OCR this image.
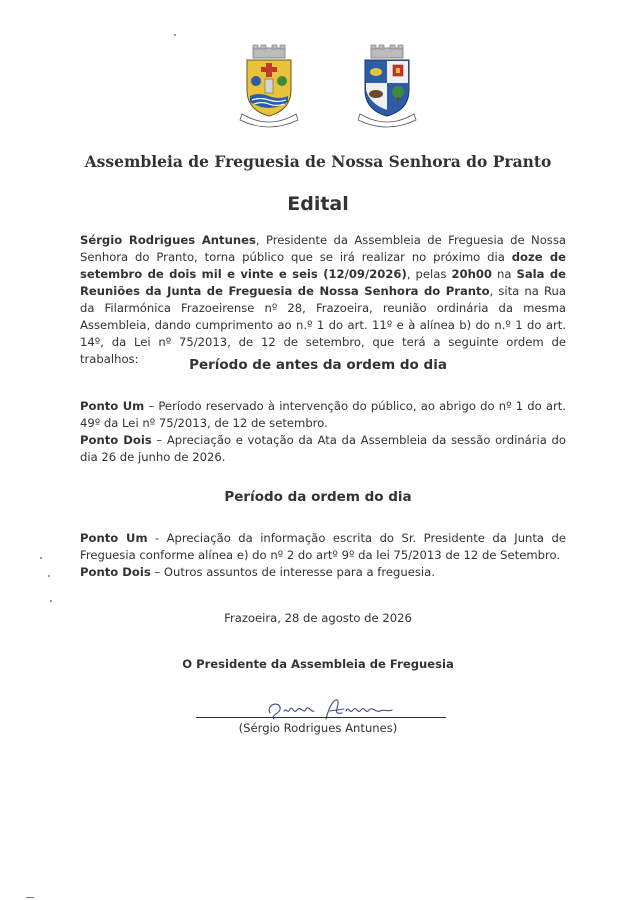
Assembleia de Freguesia de Nossa Senhora do Pranto
Edital
Sérgio Rodrigues Antunes, Presidente da Assembleia de Freguesia de Nossa Senhora do Pranto, torna público que se irá realizar no próximo dia doze de setembro de dois mil e vinte e seis (12/09/2026), pelas 20h00 na Sala de Reuniões da Junta de Freguesia de Nossa Senhora do Pranto, sita na Rua da Filarmónica Frazoeirense nº 28, Frazoeira, reunião ordinária da mesma Assembleia, dando cumprimento ao n.º 1 do art. 11º e à alínea b) do n.º 1 do art. 14º, da Lei nº 75/2013, de 12 de setembro, que terá a seguinte ordem de trabalhos:	Período de antes da ordem do dia
Ponto Um – Período reservado à intervenção do público, ao abrigo do nº 1 do art. 49º da Lei nº 75/2013, de 12 de setembro.
Ponto Dois – Apreciação e votação da Ata da Assembleia da sessão ordinária do dia 26 de junho de 2026.
Período da ordem do dia
Ponto Um - Apreciação da informação escrita do Sr. Presidente da Junta de Freguesia conforme alínea e) do nº 2 do artº 9º da lei 75/2013 de 12 de Setembro.
Ponto Dois – Outros assuntos de interesse para a freguesia.
Frazoeira, 28 de agosto de 2026
O Presidente da Assembleia de Freguesia
(Sérgio Rodrigues Antunes)
